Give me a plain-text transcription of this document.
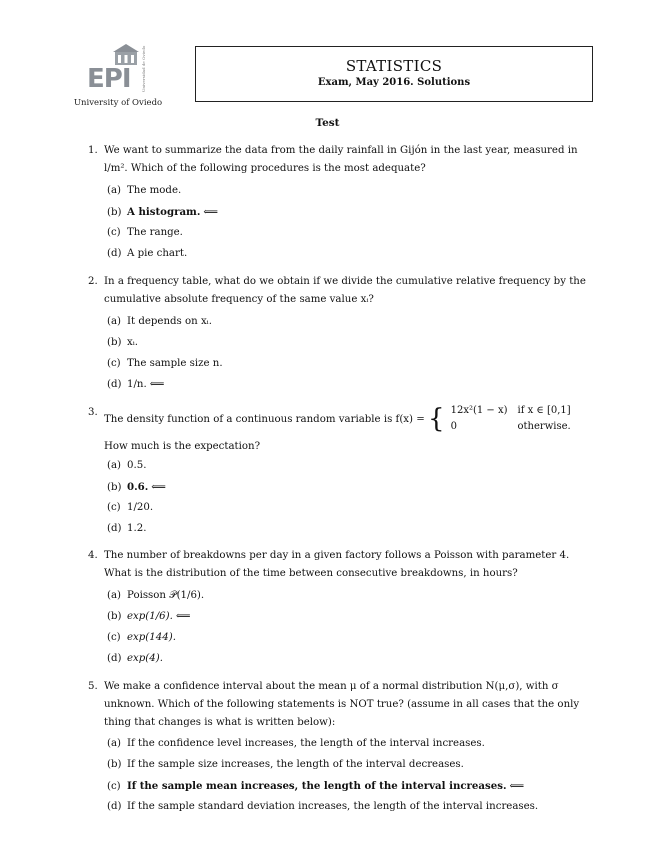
EPI	Universidad de Oviedo
University of Oviedo
STATISTICS
Exam, May 2016. Solutions
Test
1. We want to summarize the data from the daily rainfall in Gijón in the last year, measured in l/m². Which of the following procedures is the most adequate?
(a) The mode.
(b) A histogram. ⟸
(c) The range.
(d) A pie chart.
2. In a frequency table, what do we obtain if we divide the cumulative relative frequency by the cumulative absolute frequency of the same value xᵢ?
(a) It depends on xᵢ.
(b) xᵢ.
(c) The sample size n.
(d) 1/n. ⟸
3.
The density function of a continuous random variable is f(x) = { 12x²(1 − x)	if x ∈ [0,1]
0	otherwise.
How much is the expectation?
(a) 0.5.
(b) 0.6. ⟸
(c) 1/20.
(d) 1.2.
4. The number of breakdowns per day in a given factory follows a Poisson with parameter 4. What is the distribution of the time between consecutive breakdowns, in hours?
(a) Poisson 𝒫(1/6).
(b) exp(1/6). ⟸
(c) exp(144).
(d) exp(4).
5. We make a confidence interval about the mean μ of a normal distribution N(μ,σ), with σ unknown. Which of the following statements is NOT true? (assume in all cases that the only thing that changes is what is written below):
(a) If the confidence level increases, the length of the interval increases.
(b) If the sample size increases, the length of the interval decreases.
(c) If the sample mean increases, the length of the interval increases. ⟸
(d) If the sample standard deviation increases, the length of the interval increases.
